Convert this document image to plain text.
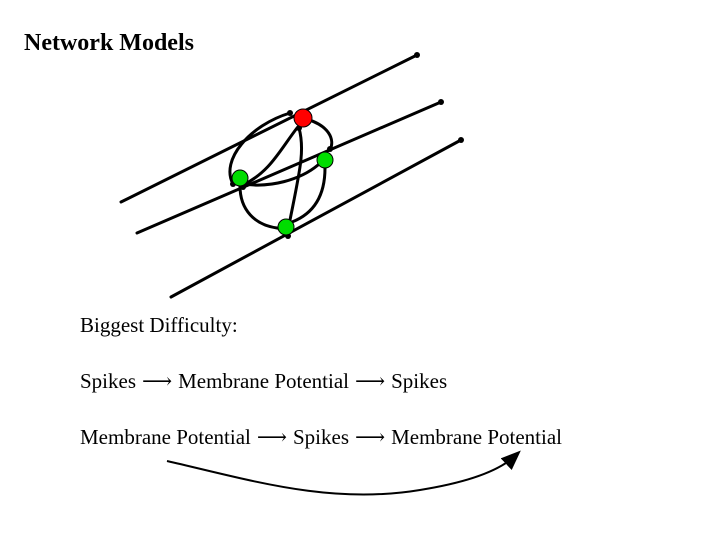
Network Models
Biggest Difficulty:
Spikes ⟶ Membrane Potential ⟶ Spikes
Membrane Potential ⟶ Spikes ⟶ Membrane Potential
